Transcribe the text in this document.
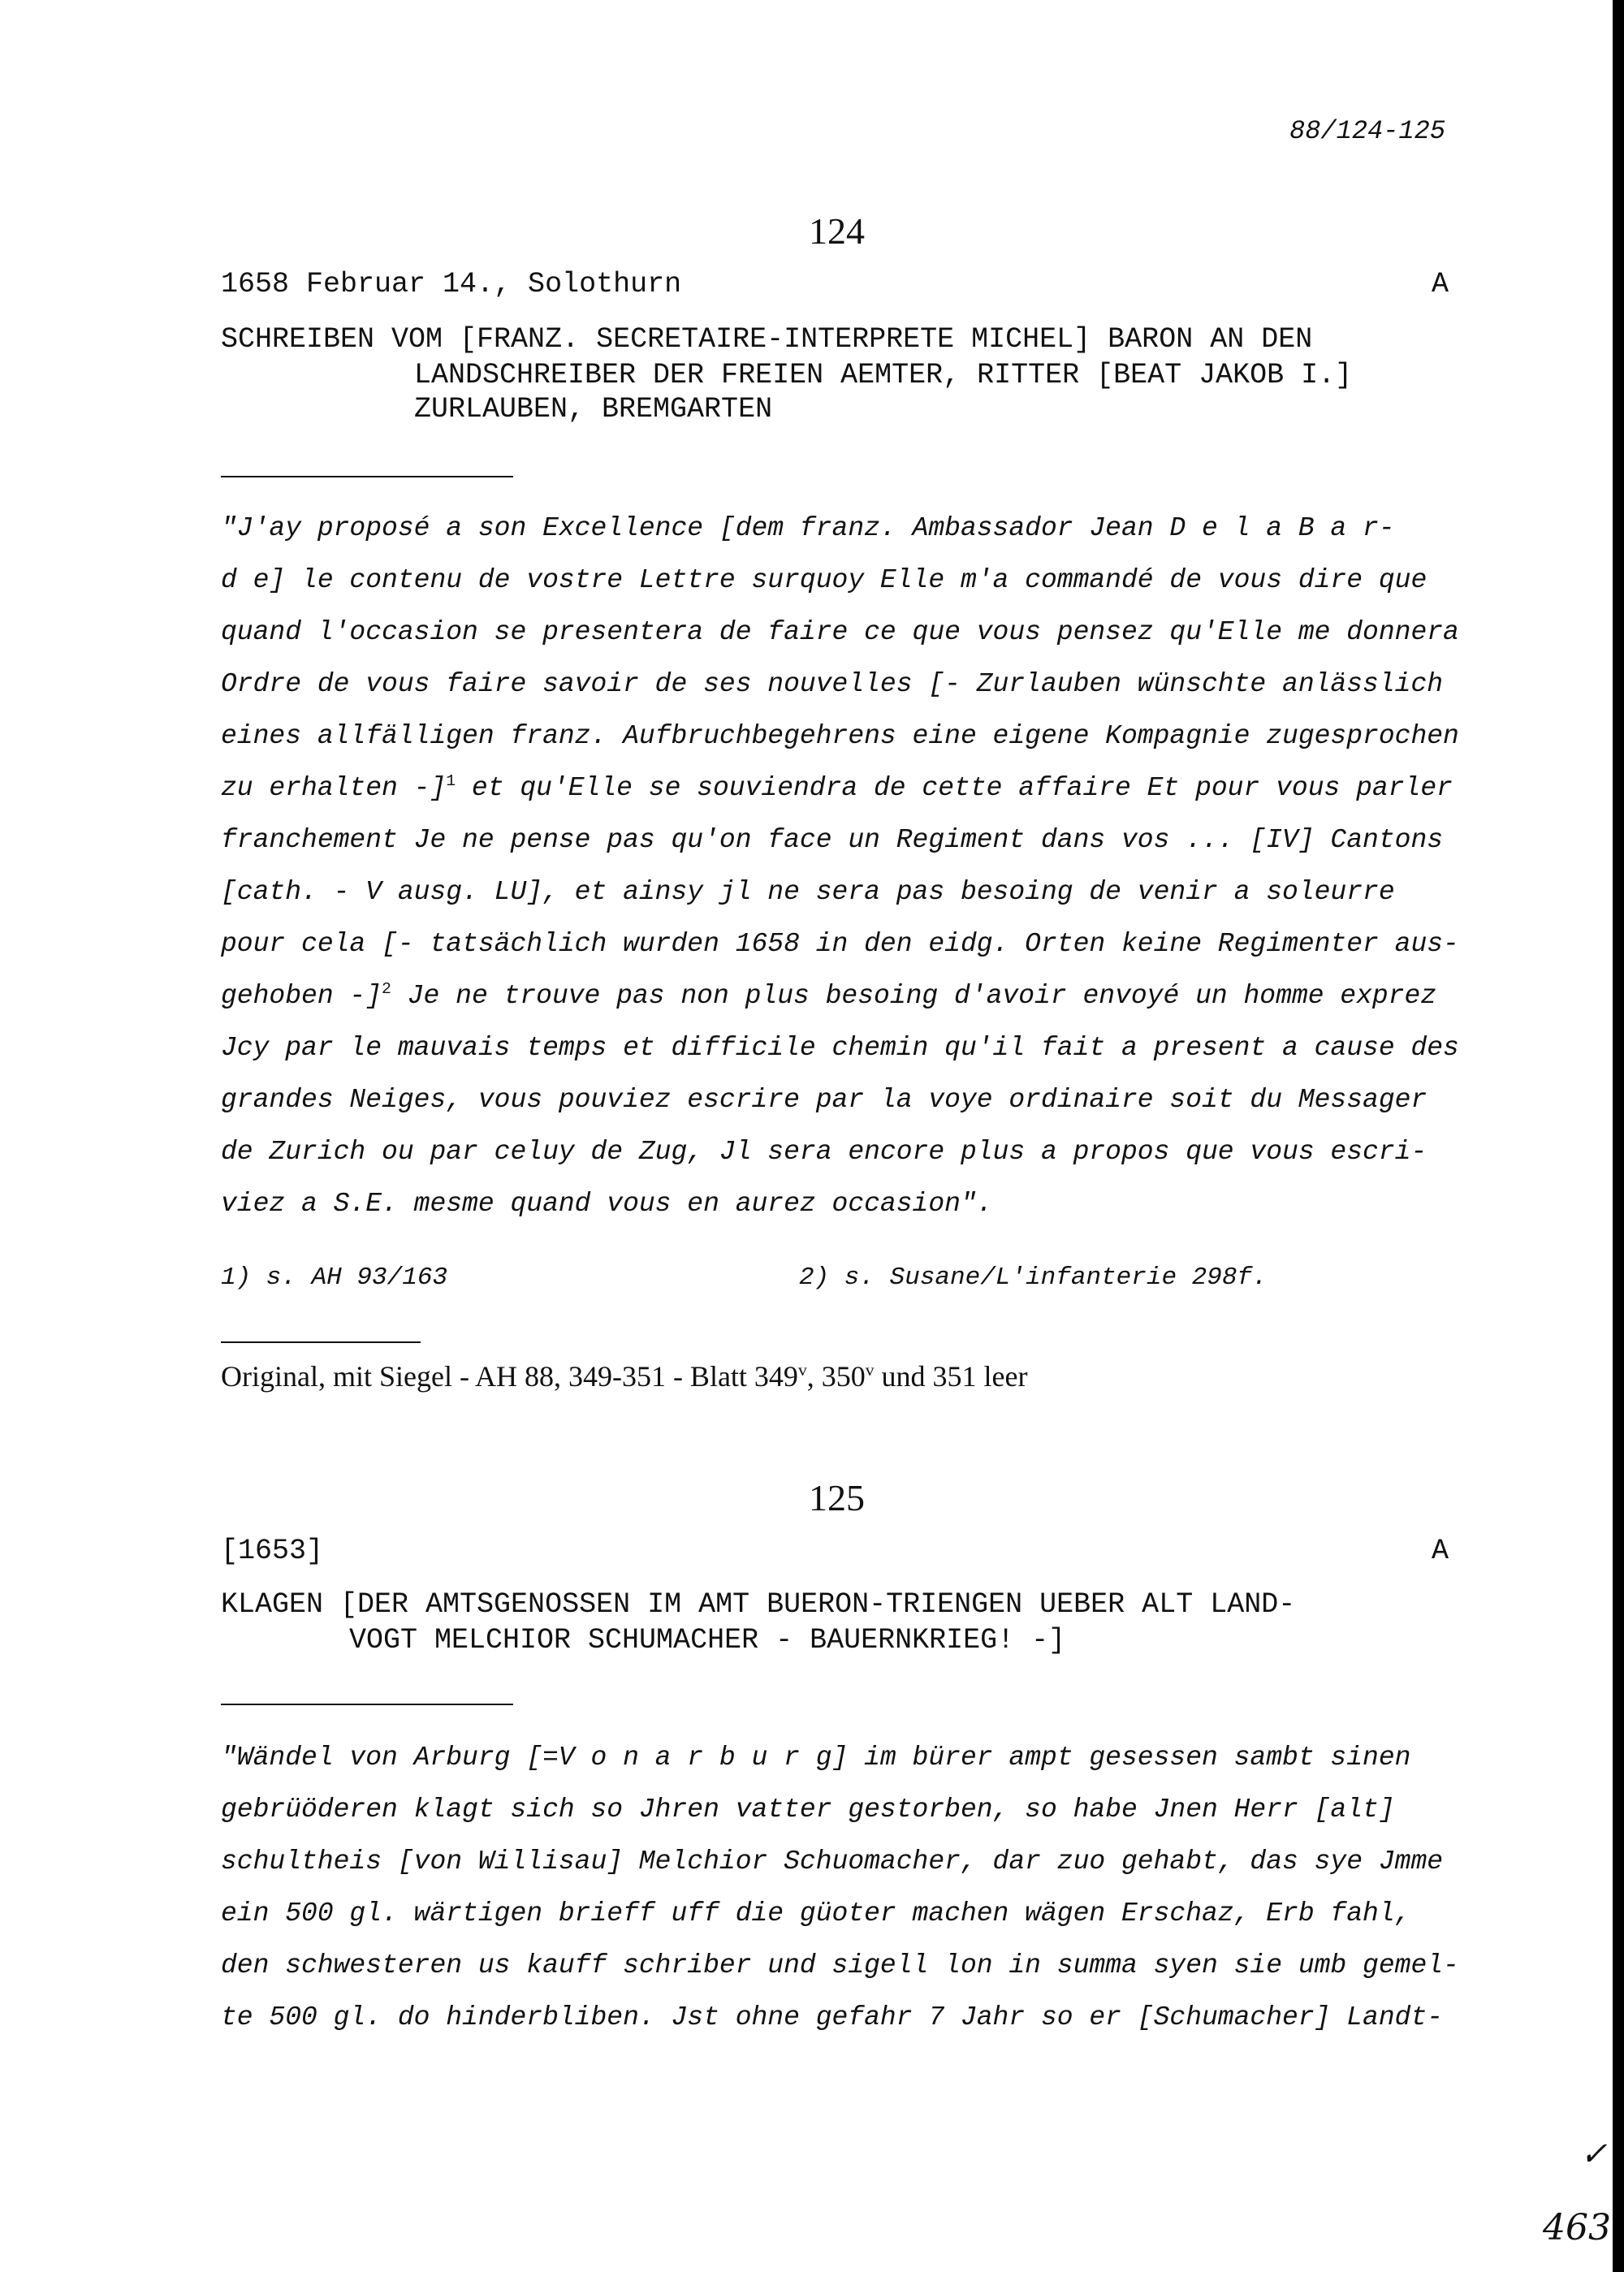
88/124-125
124
1658 Februar 14., Solothurn	A
SCHREIBEN VOM [FRANZ. SECRETAIRE-INTERPRETE MICHEL] BARON AN DEN
LANDSCHREIBER DER FREIEN AEMTER, RITTER [BEAT JAKOB I.]
ZURLAUBEN, BREMGARTEN
"J'ay proposé a son Excellence [dem franz. Ambassador Jean D e l a B a r-
d e] le contenu de vostre Lettre surquoy Elle m'a commandé de vous dire que
quand l'occasion se presentera de faire ce que vous pensez qu'Elle me donnera
Ordre de vous faire savoir de ses nouvelles [- Zurlauben wünschte anlässlich
eines allfälligen franz. Aufbruchbegehrens eine eigene Kompagnie zugesprochen
zu erhalten -]$^1$ et qu'Elle se souviendra de cette affaire Et pour vous parler
franchement Je ne pense pas qu'on face un Regiment dans vos ... [IV] Cantons
[cath. - V ausg. LU], et ainsy jl ne sera pas besoing de venir a soleurre
pour cela [- tatsächlich wurden 1658 in den eidg. Orten keine Regimenter aus-
gehoben -]$^2$ Je ne trouve pas non plus besoing d'avoir envoyé un homme exprez
Jcy par le mauvais temps et difficile chemin qu'il fait a present a cause des
grandes Neiges, vous pouviez escrire par la voye ordinaire soit du Messager
de Zurich ou par celuy de Zug, Jl sera encore plus a propos que vous escri-
viez a S.E. mesme quand vous en aurez occasion".
1) s. AH 93/163	2) s. Susane/L'infanterie 298f.
Original, mit Siegel - AH 88, 349-351 - Blatt 349$^v$, 350$^v$ und 351 leer
125
[1653]	A
KLAGEN [DER AMTSGENOSSEN IM AMT BUERON-TRIENGEN UEBER ALT LAND-
VOGT MELCHIOR SCHUMACHER - BAUERNKRIEG! -]
"Wändel von Arburg [=V o n a r b u r g] im bürer ampt gesessen sambt sinen
gebrüöderen klagt sich so Jhren vatter gestorben, so habe Jnen Herr [alt]
schultheis [von Willisau] Melchior Schuomacher, dar zuo gehabt, das sye Jmme
ein 500 gl. wärtigen brieff uff die güoter machen wägen Erschaz, Erb fahl,
den schwesteren us kauff schriber und sigell lon in summa syen sie umb gemel-
te 500 gl. do hinderbliben. Jst ohne gefahr 7 Jahr so er [Schumacher] Landt-
✓
463
